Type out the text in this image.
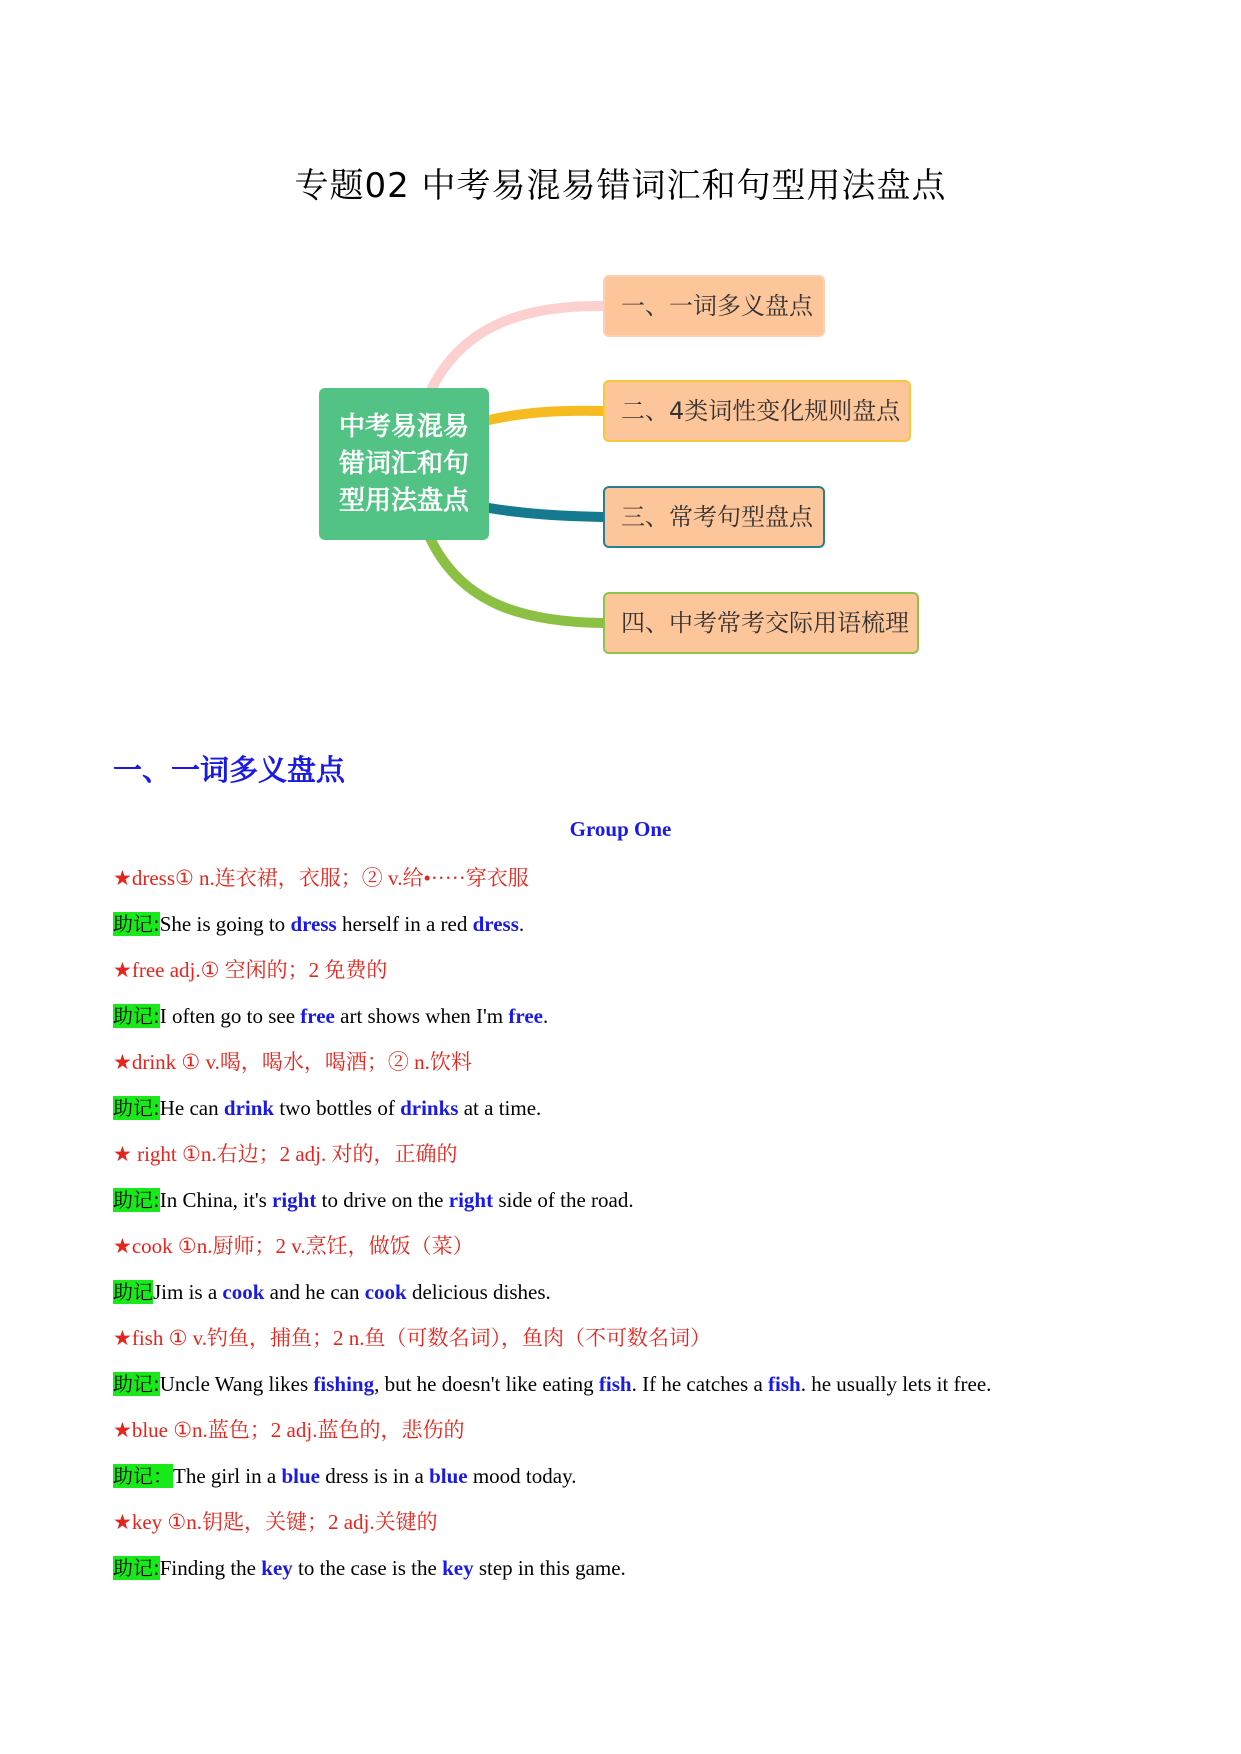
专题02 中考易混易错词汇和句型用法盘点
中考易混易错词汇和句型用法盘点
一、一词多义盘点
二、4类词性变化规则盘点
三、常考句型盘点
四、中考常考交际用语梳理
一、一词多义盘点
Group One
★dress① n.连衣裙，衣服；② v.给•·····穿衣服
助记:She is going to dress herself in a red dress.
★free adj.① 空闲的；2 免费的
助记:I often go to see free art shows when I'm free.
★drink ① v.喝，喝水，喝酒；② n.饮料
助记:He can drink two bottles of drinks at a time.
★ right ①n.右边；2 adj. 对的，正确的
助记:In China, it's right to drive on the right side of the road.
★cook ①n.厨师；2 v.烹饪，做饭（菜）
助记Jim is a cook and he can cook delicious dishes.
★fish ① v.钓鱼，捕鱼；2 n.鱼（可数名词），鱼肉（不可数名词）
助记:Uncle Wang likes fishing, but he doesn't like eating fish. If he catches a fish. he usually lets it free.
★blue ①n.蓝色；2 adj.蓝色的，悲伤的
助记：The girl in a blue dress is in a blue mood today.
★key ①n.钥匙，关键；2 adj.关键的
助记:Finding the key to the case is the key step in this game.
